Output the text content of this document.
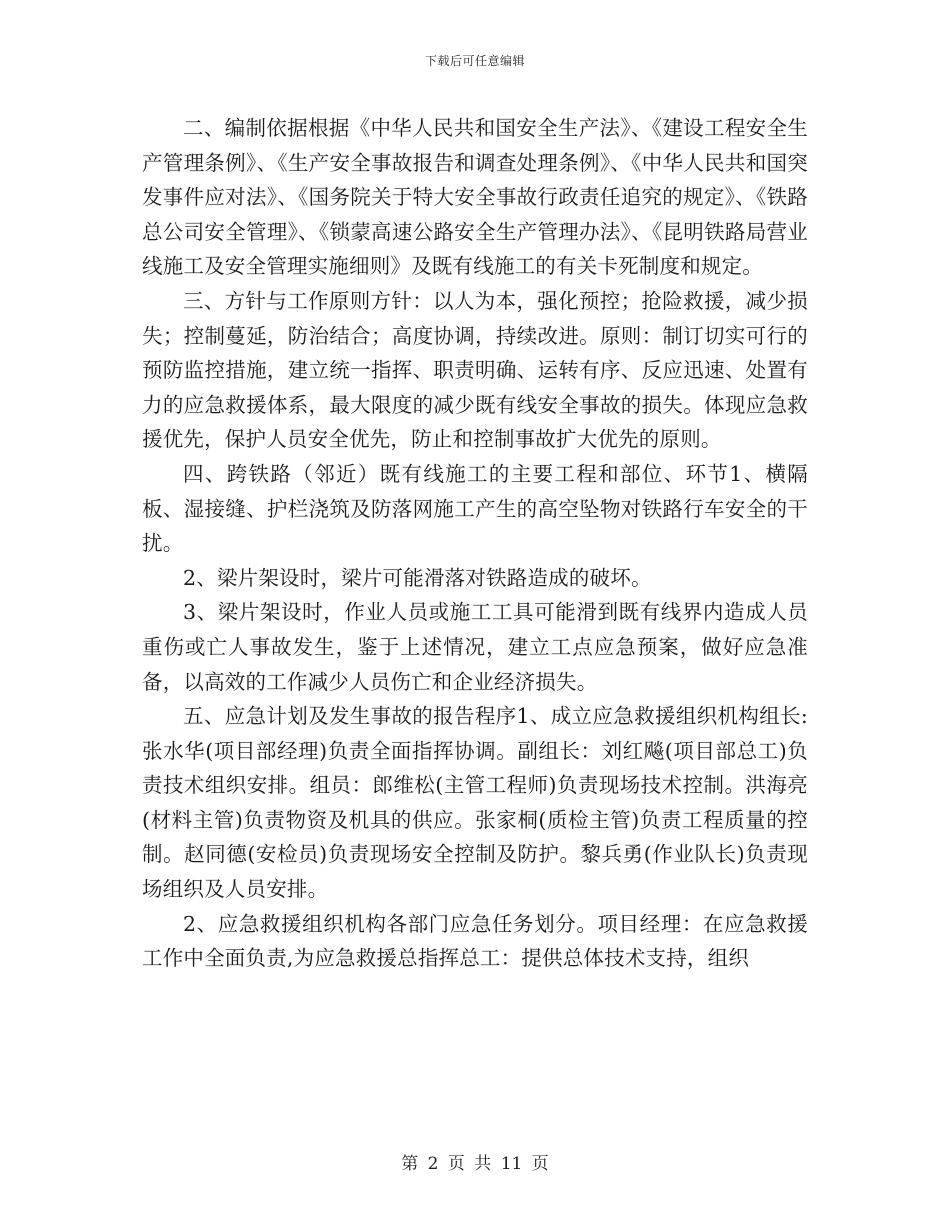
下载后可任意编辑

二、编制依据根据《中华人民共和国安全生产法》、《建设工程安全生产管理条例》、《生产安全事故报告和调查处理条例》、《中华人民共和国突发事件应对法》、《国务院关于特大安全事故行政责任追究的规定》、《铁路总公司安全管理》、《锁蒙高速公路安全生产管理办法》、《昆明铁路局营业线施工及安全管理实施细则》及既有线施工的有关卡死制度和规定。

三、方针与工作原则方针：以人为本，强化预控；抢险救援，减少损失；控制蔓延，防治结合；高度协调，持续改进。原则：制订切实可行的预防监控措施，建立统一指挥、职责明确、运转有序、反应迅速、处置有力的应急救援体系，最大限度的减少既有线安全事故的损失。体现应急救援优先，保护人员安全优先，防止和控制事故扩大优先的原则。

四、跨铁路（邻近）既有线施工的主要工程和部位、环节1、横隔板、湿接缝、护栏浇筑及防落网施工产生的高空坠物对铁路行车安全的干扰。

2、梁片架设时，梁片可能滑落对铁路造成的破坏。

3、梁片架设时，作业人员或施工工具可能滑到既有线界内造成人员重伤或亡人事故发生，鉴于上述情况，建立工点应急预案，做好应急准备，以高效的工作减少人员伤亡和企业经济损失。

五、应急计划及发生事故的报告程序1、成立应急救援组织机构组长:张水华(项目部经理)负责全面指挥协调。副组长：刘红飚(项目部总工)负责技术组织安排。组员：郎维松(主管工程师)负责现场技术控制。洪海亮(材料主管)负责物资及机具的供应。张家桐(质检主管)负责工程质量的控制。赵同德(安检员)负责现场安全控制及防护。黎兵勇(作业队长)负责现场组织及人员安排。

2、应急救援组织机构各部门应急任务划分。项目经理：在应急救援工作中全面负责,为应急救援总指挥总工：提供总体技术支持，组织

第 2 页 共 11 页
